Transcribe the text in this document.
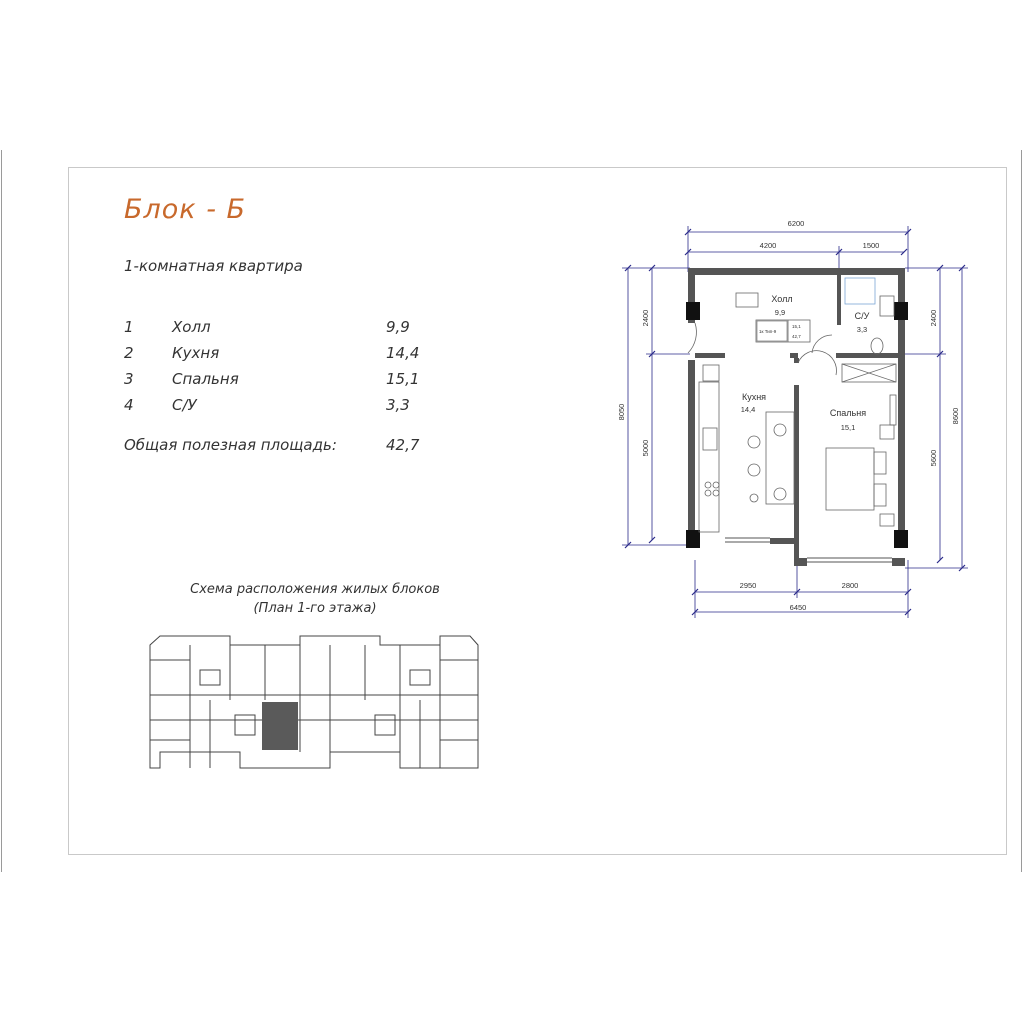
Блок - Б
1-комнатная квартира
1	Холл	9,9
2	Кухня	14,4
3	Спальня	15,1
4	С/У	3,3
Общая полезная площадь:	42,7
6200
4200	1500
2950	2800
6450
8050
2400
5000
2400
5600
8600
1к Тип-9
15,1
42,7
Холл
9,9	С/У
3,3
Кухня
14,4	Спальня
15,1
Схема расположения жилых блоков
(План 1-го этажа)
